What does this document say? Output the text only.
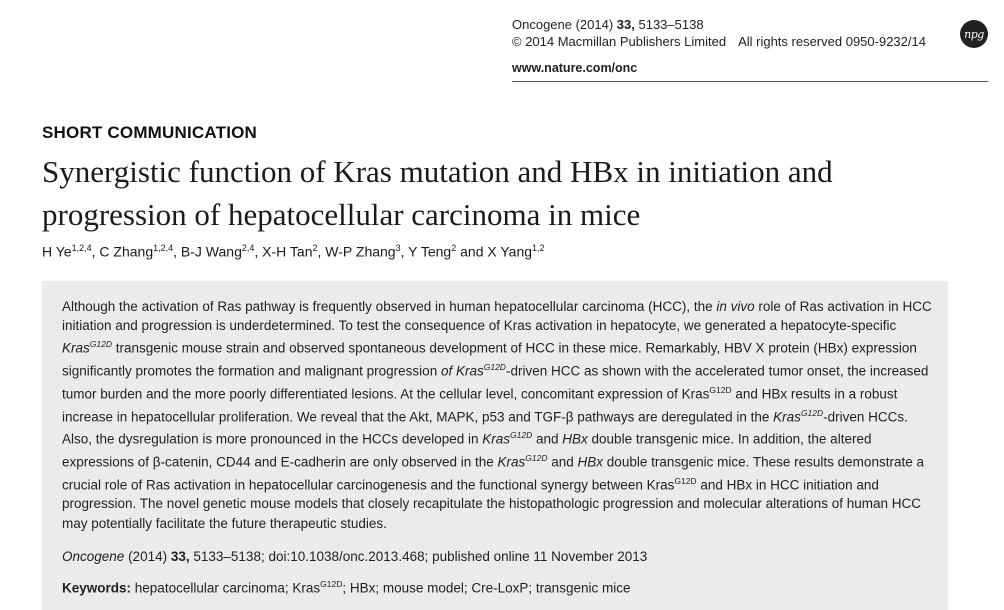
Oncogene (2014) 33, 5133–5138
© 2014 Macmillan Publishers Limited All rights reserved 0950-9232/14
www.nature.com/onc
npg
SHORT COMMUNICATION
Synergistic function of Kras mutation and HBx in initiation and progression of hepatocellular carcinoma in mice
H Ye$^{1,2,4}$, C Zhang$^{1,2,4}$, B-J Wang$^{2,4}$, X-H Tan$^2$, W-P Zhang$^3$, Y Teng$^2$ and X Yang$^{1,2}$

Although the activation of Ras pathway is frequently observed in human hepatocellular carcinoma (HCC), the in vivo role of Ras activation in HCC initiation and progression is underdetermined. To test the consequence of Kras activation in hepatocyte, we generated a hepatocyte-specific Kras$^{G12D}$ transgenic mouse strain and observed spontaneous development of HCC in these mice. Remarkably, HBV X protein (HBx) expression significantly promotes the formation and malignant progression of Kras$^{G12D}$-driven HCC as shown with the accelerated tumor onset, the increased tumor burden and the more poorly differentiated lesions. At the cellular level, concomitant expression of Kras$^{G12D}$ and HBx results in a robust increase in hepatocellular proliferation. We reveal that the Akt, MAPK, p53 and TGF-β pathways are deregulated in the Kras$^{G12D}$-driven HCCs. Also, the dysregulation is more pronounced in the HCCs developed in Kras$^{G12D}$ and HBx double transgenic mice. In addition, the altered expressions of β-catenin, CD44 and E-cadherin are only observed in the Kras$^{G12D}$ and HBx double transgenic mice. These results demonstrate a crucial role of Ras activation in hepatocellular carcinogenesis and the functional synergy between Kras$^{G12D}$ and HBx in HCC initiation and progression. The novel genetic mouse models that closely recapitulate the histopathologic progression and molecular alterations of human HCC may potentially facilitate the future therapeutic studies.

Oncogene (2014) 33, 5133–5138; doi:10.1038/onc.2013.468; published online 11 November 2013
Keywords: hepatocellular carcinoma; Kras$^{G12D}$; HBx; mouse model; Cre-LoxP; transgenic mice
